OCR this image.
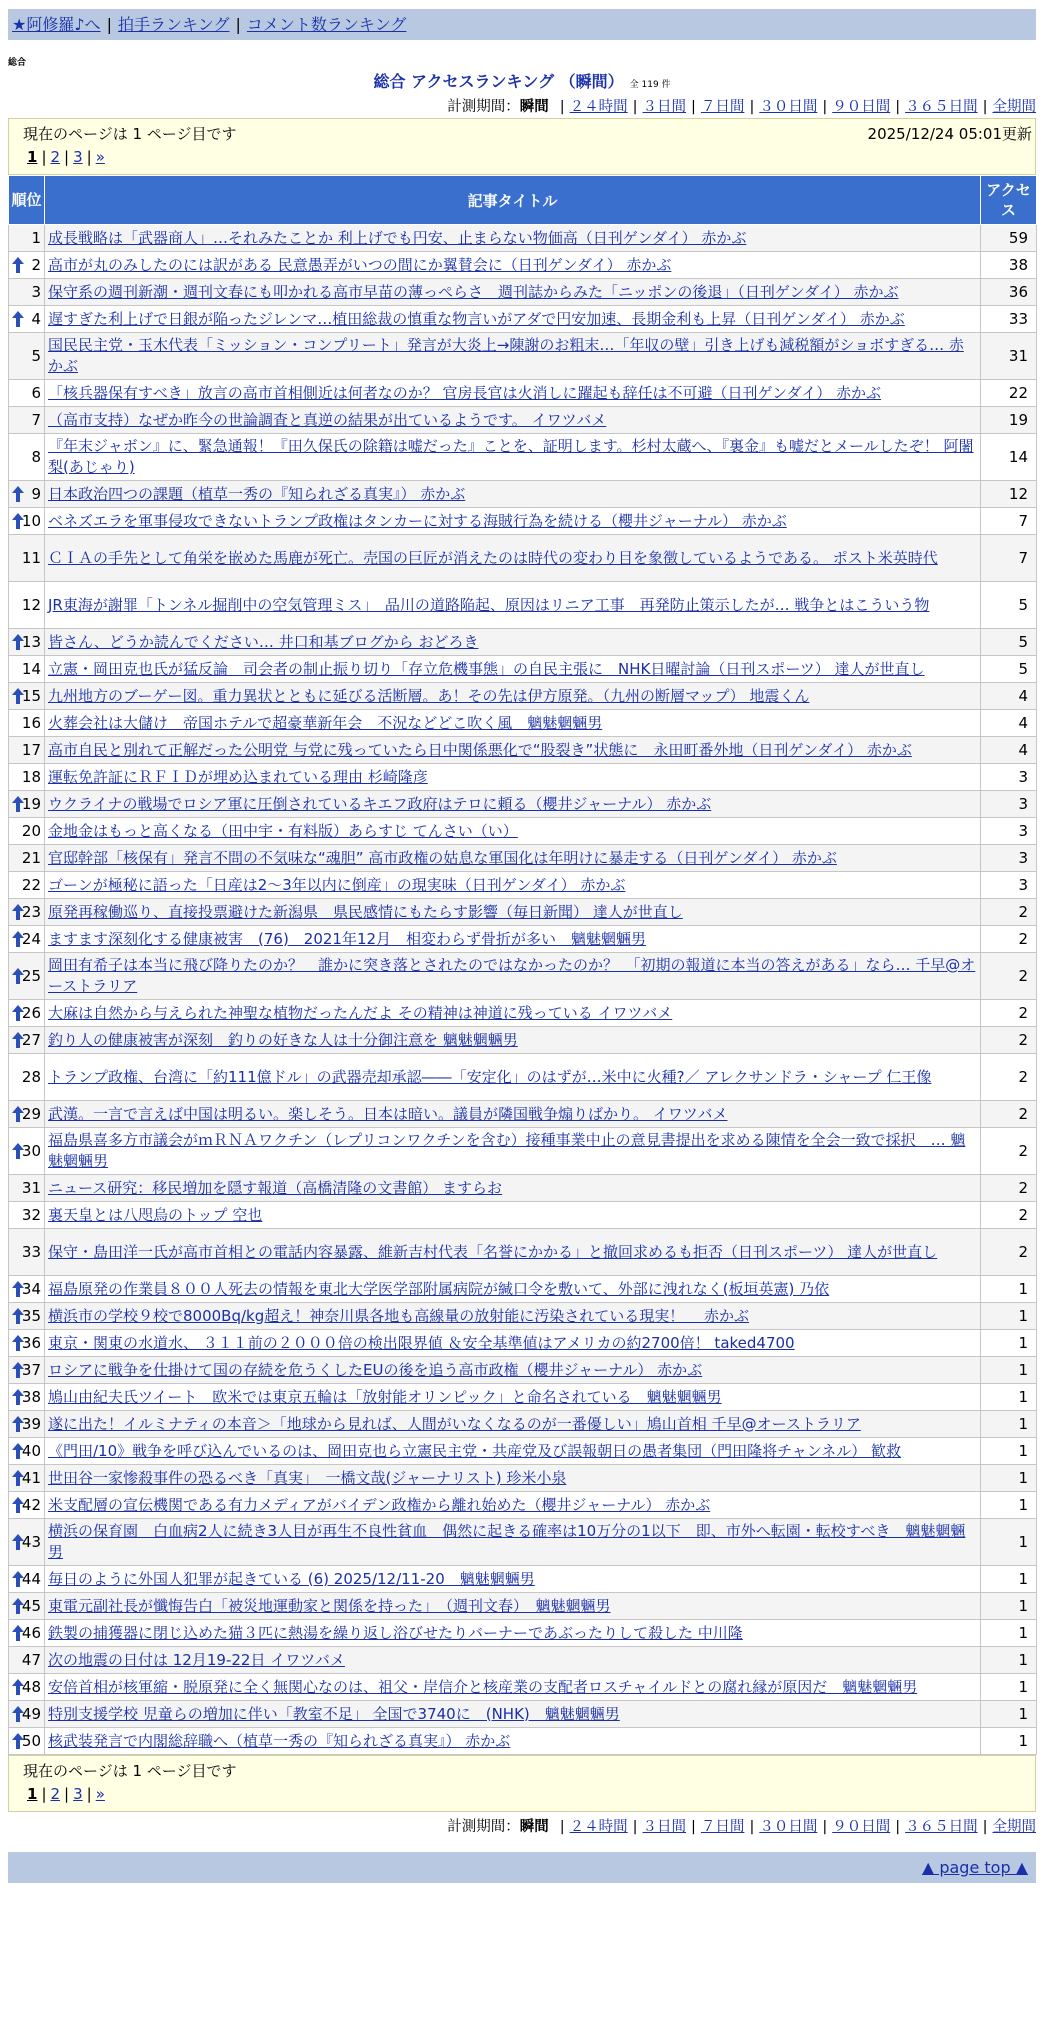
★阿修羅♪へ | 拍手ランキング | コメント数ランキング
総合
総合 アクセスランキング （瞬間） 全 119 件
計測期間：瞬間 | ２４時間 | ３日間 | ７日間 | ３０日間 | ９０日間 | ３６５日間 | 全期間
現在のページは 1 ページ目です	2025/12/24 05:01更新
1 | 2 | 3 | »
順位	記事タイトル	アクセス
1	成長戦略は「武器商人」…それみたことか 利上げでも円安、止まらない物価高（日刊ゲンダイ） 赤かぶ	59

2	高市が丸のみしたのには訳がある 民意愚弄がいつの間にか翼賛会に（日刊ゲンダイ） 赤かぶ	38
3	保守系の週刊新潮・週刊文春にも叩かれる高市早苗の薄っぺらさ　週刊誌からみた「ニッポンの後退」（日刊ゲンダイ） 赤かぶ	36

4	遅すぎた利上げで日銀が陥ったジレンマ…植田総裁の慎重な物言いがアダで円安加速、長期金利も上昇（日刊ゲンダイ） 赤かぶ	33
5	国民民主党・玉木代表「ミッション・コンプリート」発言が大炎上→陳謝のお粗末…「年収の壁」引き上げも減税額がショボすぎる… 赤かぶ	31
6	「核兵器保有すべき」放言の高市首相側近は何者なのか？ 官房長官は火消しに躍起も辞任は不可避（日刊ゲンダイ） 赤かぶ	22
7	（高市支持）なぜか昨今の世論調査と真逆の結果が出ているようです。 イワツバメ	19
8	『年末ジャボン』に、緊急通報！『田久保氏の除籍は嘘だった』ことを、証明します。杉村太蔵へ、『裏金』も嘘だとメールしたぞ！ 阿闍梨(あじゃり)	14

9	日本政治四つの課題（植草一秀の『知られざる真実』） 赤かぶ	12

10	ベネズエラを軍事侵攻できないトランプ政権はタンカーに対する海賊行為を続ける（櫻井ジャーナル） 赤かぶ	7
11	ＣＩＡの手先として角栄を嵌めた馬鹿が死亡。売国の巨匠が消えたのは時代の変わり目を象徴しているようである。 ポスト米英時代	7
12	JR東海が謝罪「トンネル掘削中の空気管理ミス」　品川の道路陥起、原因はリニア工事　再発防止策示したが… 戦争とはこういう物	5

13	皆さん、どうか読んでください… 井口和基ブログから おどろき	5
14	立憲・岡田克也氏が猛反論　司会者の制止振り切り「存立危機事態」の自民主張に　NHK日曜討論（日刊スポーツ） 達人が世直し	5

15	九州地方のブーゲー図。重力異状とともに延びる活断層。あ！その先は伊方原発。（九州の断層マップ） 地震くん	4
16	火葬会社は大儲け　帝国ホテルで超豪華新年会　不況などどこ吹く風　魑魅魍魎男	4
17	高市自民と別れて正解だった公明党 与党に残っていたら日中関係悪化で“股裂き”状態に　永田町番外地（日刊ゲンダイ） 赤かぶ	4
18	運転免許証にＲＦＩＤが埋め込まれている理由 杉崎隆彦	3

19	ウクライナの戦場でロシア軍に圧倒されているキエフ政府はテロに頼る（櫻井ジャーナル） 赤かぶ	3
20	金地金はもっと高くなる（田中宇・有料版）あらすじ てんさい（い）	3
21	官邸幹部「核保有」発言不問の不気味な“魂胆” 高市政権の姑息な軍国化は年明けに暴走する（日刊ゲンダイ） 赤かぶ	3
22	ゴーンが極秘に語った「日産は2～3年以内に倒産」の現実味（日刊ゲンダイ） 赤かぶ	3

23	原発再稼働巡り、直接投票避けた新潟県　県民感情にもたらす影響（毎日新聞） 達人が世直し	2

24	ますます深刻化する健康被害　(76)　2021年12月　相変わらず骨折が多い　魑魅魍魎男	2

25	岡田有希子は本当に飛び降りたのか？　誰かに突き落とされたのではなかったのか？　「初期の報道に本当の答えがある」なら… 千早@オーストラリア	2

26	大麻は自然から与えられた神聖な植物だったんだよ その精神は神道に残っている イワツバメ	2

27	釣り人の健康被害が深刻　釣りの好きな人は十分御注意を 魑魅魍魎男	2
28	トランプ政権、台湾に「約111億ドル」の武器売却承認――「安定化」のはずが…米中に火種?／ アレクサンドラ・シャープ 仁王像	2

29	武漢。一言で言えば中国は明るい。楽しそう。日本は暗い。議員が隣国戦争煽りばかり。 イワツバメ	2

30	福島県喜多方市議会がｍＲＮＡワクチン（レプリコンワクチンを含む）接種事業中止の意見書提出を求める陳情を全会一致で採択　… 魑魅魍魎男	2
31	ニュース研究：移民増加を隠す報道（高橋清隆の文書館） ますらお	2
32	裏天皇とは八咫烏のトップ 空也	2
33	保守・島田洋一氏が高市首相との電話内容暴露、維新吉村代表「名誉にかかる」と撤回求めるも拒否（日刊スポーツ） 達人が世直し	2

34	福島原発の作業員８００人死去の情報を東北大学医学部附属病院が緘口令を敷いて、外部に洩れなく(板垣英憲) 乃依	1

35	横浜市の学校９校で8000Bq/kg超え！神奈川県各地も高線量の放射能に汚染されている現実！　 赤かぶ	1

36	東京・関東の水道水、 ３１１前の２０００倍の検出限界値 ＆安全基準値はアメリカの約2700倍！ taked4700	1

37	ロシアに戦争を仕掛けて国の存続を危うくしたEUの後を追う高市政権（櫻井ジャーナル） 赤かぶ	1

38	鳩山由紀夫氏ツイート　欧米では東京五輪は「放射能オリンピック」と命名されている　魑魅魍魎男	1

39	遂に出た！イルミナティの本音＞「地球から見れば、人間がいなくなるのが一番優しい」鳩山首相 千早@オーストラリア	1

40	《門田/10》戦争を呼び込んでいるのは、岡田克也ら立憲民主党・共産党及び誤報朝日の愚者集団（門田隆将チャンネル） 歓救	1

41	世田谷一家惨殺事件の恐るべき「真実」　一橋文哉(ジャーナリスト) 珍米小泉	1

42	米支配層の宣伝機関である有力メディアがバイデン政権から離れ始めた（櫻井ジャーナル） 赤かぶ	1

43	横浜の保育園　白血病2人に続き3人目が再生不良性貧血　偶然に起きる確率は10万分の1以下　即、市外へ転園・転校すべき　魑魅魍魎男	1

44	毎日のように外国人犯罪が起きている (6) 2025/12/11-20　魑魅魍魎男	1

45	東電元副社長が懺悔告白「被災地運動家と関係を持った」　（週刊文春）　魑魅魍魎男	1

46	鉄製の捕獲器に閉じ込めた猫３匹に熱湯を繰り返し浴びせたりバーナーであぶったりして殺した 中川隆	1
47	次の地震の日付は 12月19-22日 イワツバメ	1

48	安倍首相が核軍縮・脱原発に全く無関心なのは、祖父・岸信介と核産業の支配者ロスチャイルドとの腐れ縁が原因だ　魑魅魍魎男	1

49	特別支援学校 児童らの増加に伴い「教室不足」 全国で3740に　(NHK)　魑魅魍魎男	1

50	核武装発言で内閣総辞職へ（植草一秀の『知られざる真実』） 赤かぶ	1
現在のページは 1 ページ目です
1 | 2 | 3 | »
計測期間：瞬間 | ２４時間 | ３日間 | ７日間 | ３０日間 | ９０日間 | ３６５日間 | 全期間
▲ page top ▲
